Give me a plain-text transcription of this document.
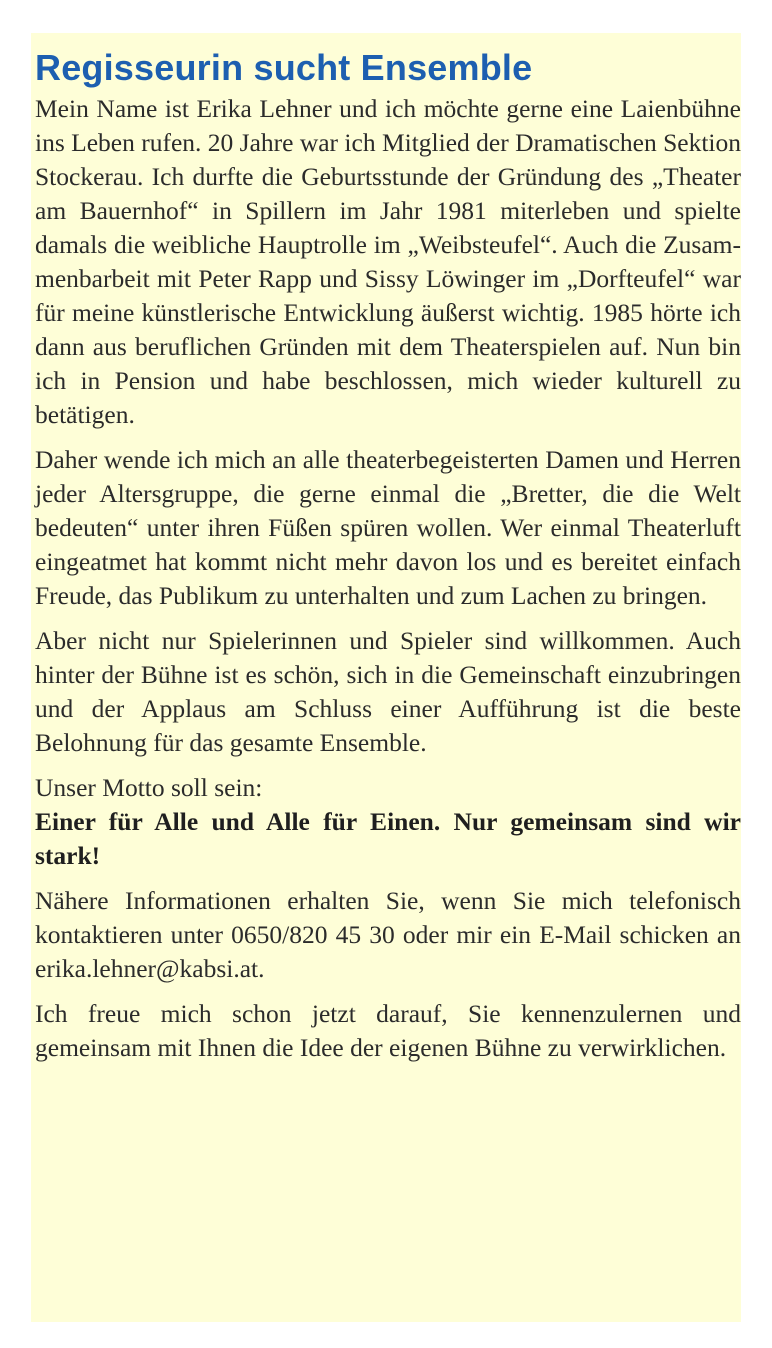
Regisseurin sucht Ensemble

Mein Name ist Erika Lehner und ich möchte gerne eine Laienbühne ins Leben rufen. 20 Jahre war ich Mitglied der Dramatischen Sektion Stockerau. Ich durfte die Geburtsstunde der Gründung des „Theater am Bauernhof“ in Spillern im Jahr 1981 miterleben und spielte damals die weibliche Hauptrolle im „Weibsteufel“. Auch die Zusammenbarbeit mit Peter Rapp und Sissy Löwinger im „Dorfteufel“ war für meine künstlerische Entwicklung äußerst wichtig. 1985 hörte ich dann aus beruflichen Gründen mit dem Theaterspielen auf. Nun bin ich in Pension und habe beschlossen, mich wieder kulturell zu betätigen.

Daher wende ich mich an alle theaterbegeisterten Damen und Herren jeder Altersgruppe, die gerne einmal die „Bretter, die die Welt bedeuten“ unter ihren Füßen spüren wollen. Wer einmal Theaterluft eingeatmet hat kommt nicht mehr davon los und es bereitet einfach Freude, das Publikum zu unterhalten und zum Lachen zu bringen.

Aber nicht nur Spielerinnen und Spieler sind willkommen. Auch hinter der Bühne ist es schön, sich in die Gemeinschaft einzubringen und der Applaus am Schluss einer Aufführung ist die beste Belohnung für das gesamte Ensemble.

Unser Motto soll sein:
Einer für Alle und Alle für Einen. Nur gemeinsam sind wir stark!

Nähere Informationen erhalten Sie, wenn Sie mich telefonisch kontaktieren unter 0650/820 45 30 oder mir ein E-Mail schicken an erika.lehner@kabsi.at.

Ich freue mich schon jetzt darauf, Sie kennenzulernen und gemeinsam mit Ihnen die Idee der eigenen Bühne zu verwirklichen.
